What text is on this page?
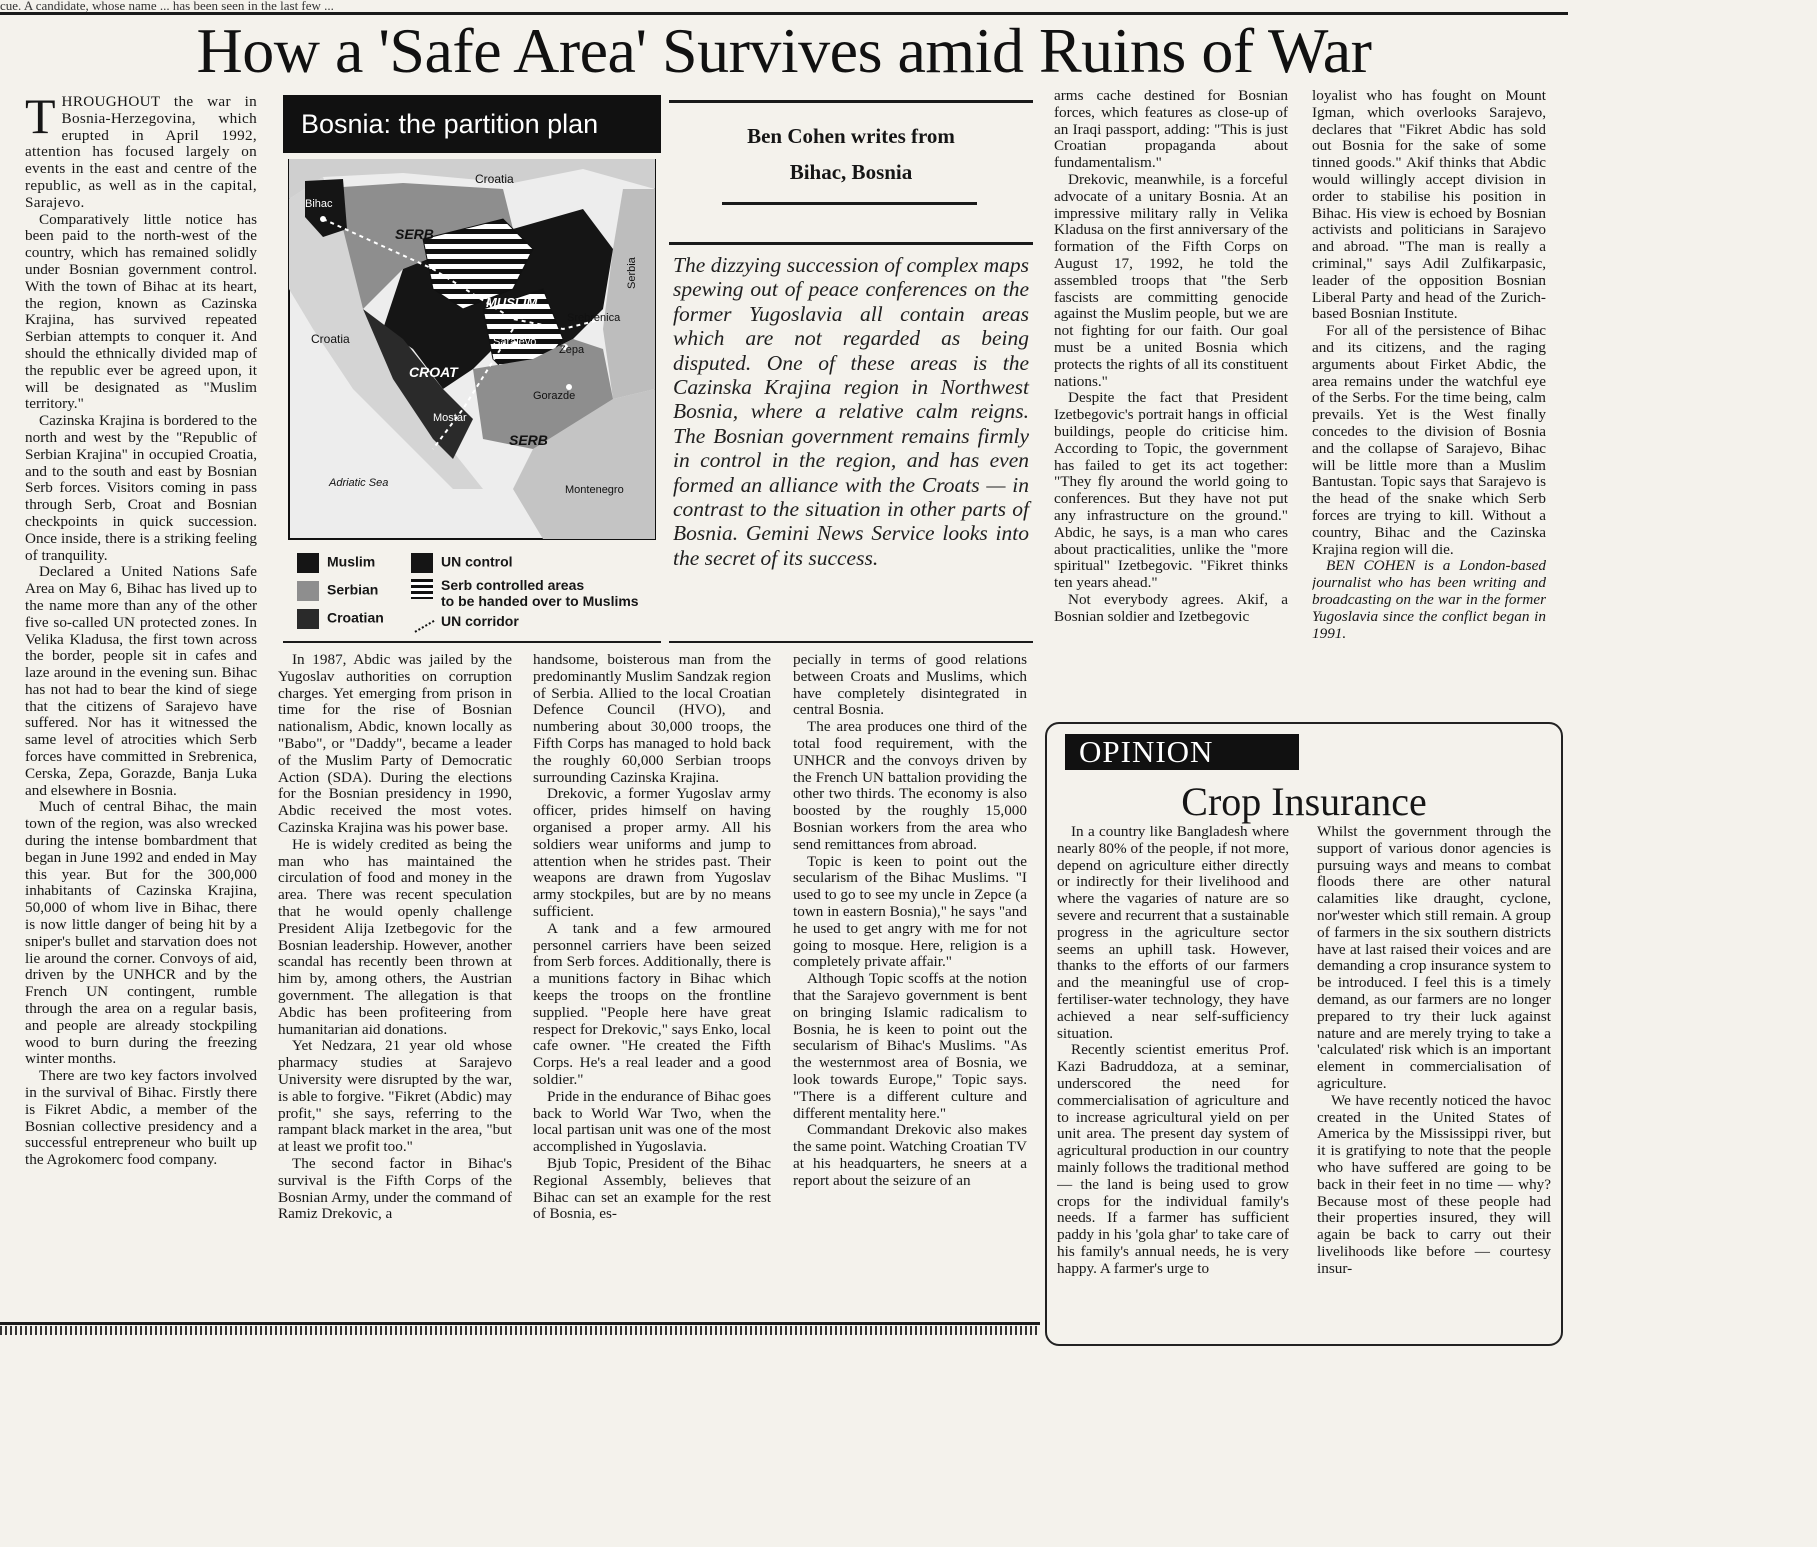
cue. A candidate, whose name ... has been seen in the last few ...
How a 'Safe Area' Survives amid Ruins of War

THROUGHOUT the war in Bosnia-Herzegovina, which erupted in April 1992, attention has focused largely on events in the east and centre of the republic, as well as in the capital, Sarajevo.

Comparatively little notice has been paid to the north-west of the country, which has remained solidly under Bosnian government control. With the town of Bihac at its heart, the region, known as Cazinska Krajina, has survived repeated Serbian attempts to conquer it. And should the ethnically divided map of the republic ever be agreed upon, it will be designated as "Muslim territory."

Cazinska Krajina is bordered to the north and west by the "Republic of Serbian Krajina" in occupied Croatia, and to the south and east by Bosnian Serb forces. Visitors coming in pass through Serb, Croat and Bosnian checkpoints in quick succession. Once inside, there is a striking feeling of tranquility.

Declared a United Nations Safe Area on May 6, Bihac has lived up to the name more than any of the other five so-called UN protected zones. In Velika Kladusa, the first town across the border, people sit in cafes and laze around in the evening sun. Bihac has not had to bear the kind of siege that the citizens of Sarajevo have suffered. Nor has it witnessed the same level of atrocities which Serb forces have committed in Srebrenica, Cerska, Zepa, Gorazde, Banja Luka and elsewhere in Bosnia.

Much of central Bihac, the main town of the region, was also wrecked during the intense bombardment that began in June 1992 and ended in May this year. But for the 300,000 inhabitants of Cazinska Krajina, 50,000 of whom live in Bihac, there is now little danger of being hit by a sniper's bullet and starvation does not lie around the corner. Convoys of aid, driven by the UNHCR and by the French UN contingent, rumble through the area on a regular basis, and people are already stockpiling wood to burn during the freezing winter months.

There are two key factors involved in the survival of Bihac. Firstly there is Fikret Abdic, a member of the Bosnian collective presidency and a successful entrepreneur who built up the Agrokomerc food company.

Bosnia: the partition plan
Croatia
Bihac
SERB
MUSLIM
Serbia
Srebrenica
Croatia	Sarajevo
Zepa
CROAT
Gorazde
Mostar
SERB
Adriatic Sea
Montenegro
Muslim
Serbian
Croatian
UN control
Serb controlled areas
to be handed over to Muslims
UN corridor
Ben Cohen writes from
Bihac, Bosnia
The dizzying succession of complex maps spewing out of peace conferences on the former Yugoslavia all contain areas which are not regarded as being disputed. One of these areas is the Cazinska Krajina region in Northwest Bosnia, where a relative calm reigns. The Bosnian government remains firmly in control in the region, and has even formed an alliance with the Croats — in contrast to the situation in other parts of Bosnia. Gemini News Service looks into the secret of its success.

In 1987, Abdic was jailed by the Yugoslav authorities on corruption charges. Yet emerging from prison in time for the rise of Bosnian nationalism, Abdic, known locally as "Babo", or "Daddy", became a leader of the Muslim Party of Democratic Action (SDA). During the elections for the Bosnian presidency in 1990, Abdic received the most votes. Cazinska Krajina was his power base.

He is widely credited as being the man who has maintained the circulation of food and money in the area. There was recent speculation that he would openly challenge President Alija Izetbegovic for the Bosnian leadership. However, another scandal has recently been thrown at him by, among others, the Austrian government. The allegation is that Abdic has been profiteering from humanitarian aid donations.

Yet Nedzara, 21 year old whose pharmacy studies at Sarajevo University were disrupted by the war, is able to forgive. "Fikret (Abdic) may profit," she says, referring to the rampant black market in the area, "but at least we profit too."

The second factor in Bihac's survival is the Fifth Corps of the Bosnian Army, under the command of Ramiz Drekovic, a

handsome, boisterous man from the predominantly Muslim Sandzak region of Serbia. Allied to the local Croatian Defence Council (HVO), and numbering about 30,000 troops, the Fifth Corps has managed to hold back the roughly 60,000 Serbian troops surrounding Cazinska Krajina.

Drekovic, a former Yugoslav army officer, prides himself on having organised a proper army. All his soldiers wear uniforms and jump to attention when he strides past. Their weapons are drawn from Yugoslav army stockpiles, but are by no means sufficient.

A tank and a few armoured personnel carriers have been seized from Serb forces. Additionally, there is a munitions factory in Bihac which keeps the troops on the frontline supplied. "People here have great respect for Drekovic," says Enko, local cafe owner. "He created the Fifth Corps. He's a real leader and a good soldier."

Pride in the endurance of Bihac goes back to World War Two, when the local partisan unit was one of the most accomplished in Yugoslavia.

Bjub Topic, President of the Bihac Regional Assembly, believes that Bihac can set an example for the rest of Bosnia, es-

pecially in terms of good relations between Croats and Muslims, which have completely disintegrated in central Bosnia.

The area produces one third of the total food requirement, with the UNHCR and the convoys driven by the French UN battalion providing the other two thirds. The economy is also boosted by the roughly 15,000 Bosnian workers from the area who send remittances from abroad.

Topic is keen to point out the secularism of the Bihac Muslims. "I used to go to see my uncle in Zepce (a town in eastern Bosnia)," he says "and he used to get angry with me for not going to mosque. Here, religion is a completely private affair."

Although Topic scoffs at the notion that the Sarajevo government is bent on bringing Islamic radicalism to Bosnia, he is keen to point out the secularism of Bihac's Muslims. "As the westernmost area of Bosnia, we look towards Europe," Topic says. "There is a different culture and different mentality here."

Commandant Drekovic also makes the same point. Watching Croatian TV at his headquarters, he sneers at a report about the seizure of an

arms cache destined for Bosnian forces, which features as close-up of an Iraqi passport, adding: "This is just Croatian propaganda about fundamentalism."

Drekovic, meanwhile, is a forceful advocate of a unitary Bosnia. At an impressive military rally in Velika Kladusa on the first anniversary of the formation of the Fifth Corps on August 17, 1992, he told the assembled troops that "the Serb fascists are committing genocide against the Muslim people, but we are not fighting for our faith. Our goal must be a united Bosnia which protects the rights of all its constituent nations."

Despite the fact that President Izetbegovic's portrait hangs in official buildings, people do criticise him. According to Topic, the government has failed to get its act together: "They fly around the world going to conferences. But they have not put any infrastructure on the ground." Abdic, he says, is a man who cares about practicalities, unlike the "more spiritual" Izetbegovic. "Fikret thinks ten years ahead."

Not everybody agrees. Akif, a Bosnian soldier and Izetbegovic

loyalist who has fought on Mount Igman, which overlooks Sarajevo, declares that "Fikret Abdic has sold out Bosnia for the sake of some tinned goods." Akif thinks that Abdic would willingly accept division in order to stabilise his position in Bihac. His view is echoed by Bosnian activists and politicians in Sarajevo and abroad. "The man is really a criminal," says Adil Zulfikarpasic, leader of the opposition Bosnian Liberal Party and head of the Zurich-based Bosnian Institute.

For all of the persistence of Bihac and its citizens, and the raging arguments about Firket Abdic, the area remains under the watchful eye of the Serbs. For the time being, calm prevails. Yet is the West finally concedes to the division of Bosnia and the collapse of Sarajevo, Bihac will be little more than a Muslim Bantustan. Topic says that Sarajevo is the head of the snake which Serb forces are trying to kill. Without a country, Bihac and the Cazinska Krajina region will die.

BEN COHEN is a London-based journalist who has been writing and broadcasting on the war in the former Yugoslavia since the conflict began in 1991.

OPINION
Crop Insurance

In a country like Bangladesh where nearly 80% of the people, if not more, depend on agriculture either directly or indirectly for their livelihood and where the vagaries of nature are so severe and recurrent that a sustainable progress in the agriculture sector seems an uphill task. However, thanks to the efforts of our farmers and the meaningful use of crop-fertiliser-water technology, they have achieved a near self-sufficiency situation.

Recently scientist emeritus Prof. Kazi Badruddoza, at a seminar, underscored the need for commercialisation of agriculture and to increase agricultural yield on per unit area. The present day system of agricultural production in our country mainly follows the traditional method — the land is being used to grow crops for the individual family's needs. If a farmer has sufficient paddy in his 'gola ghar' to take care of his family's annual needs, he is very happy. A farmer's urge to

Whilst the government through the support of various donor agencies is pursuing ways and means to combat floods there are other natural calamities like draught, cyclone, nor'wester which still remain. A group of farmers in the six southern districts have at last raised their voices and are demanding a crop insurance system to be introduced. I feel this is a timely demand, as our farmers are no longer prepared to try their luck against nature and are merely trying to take a 'calculated' risk which is an important element in commercialisation of agriculture.

We have recently noticed the havoc created in the United States of America by the Mississippi river, but it is gratifying to note that the people who have suffered are going to be back in their feet in no time — why? Because most of these people had their properties insured, they will again be back to carry out their livelihoods like before — courtesy insur-
